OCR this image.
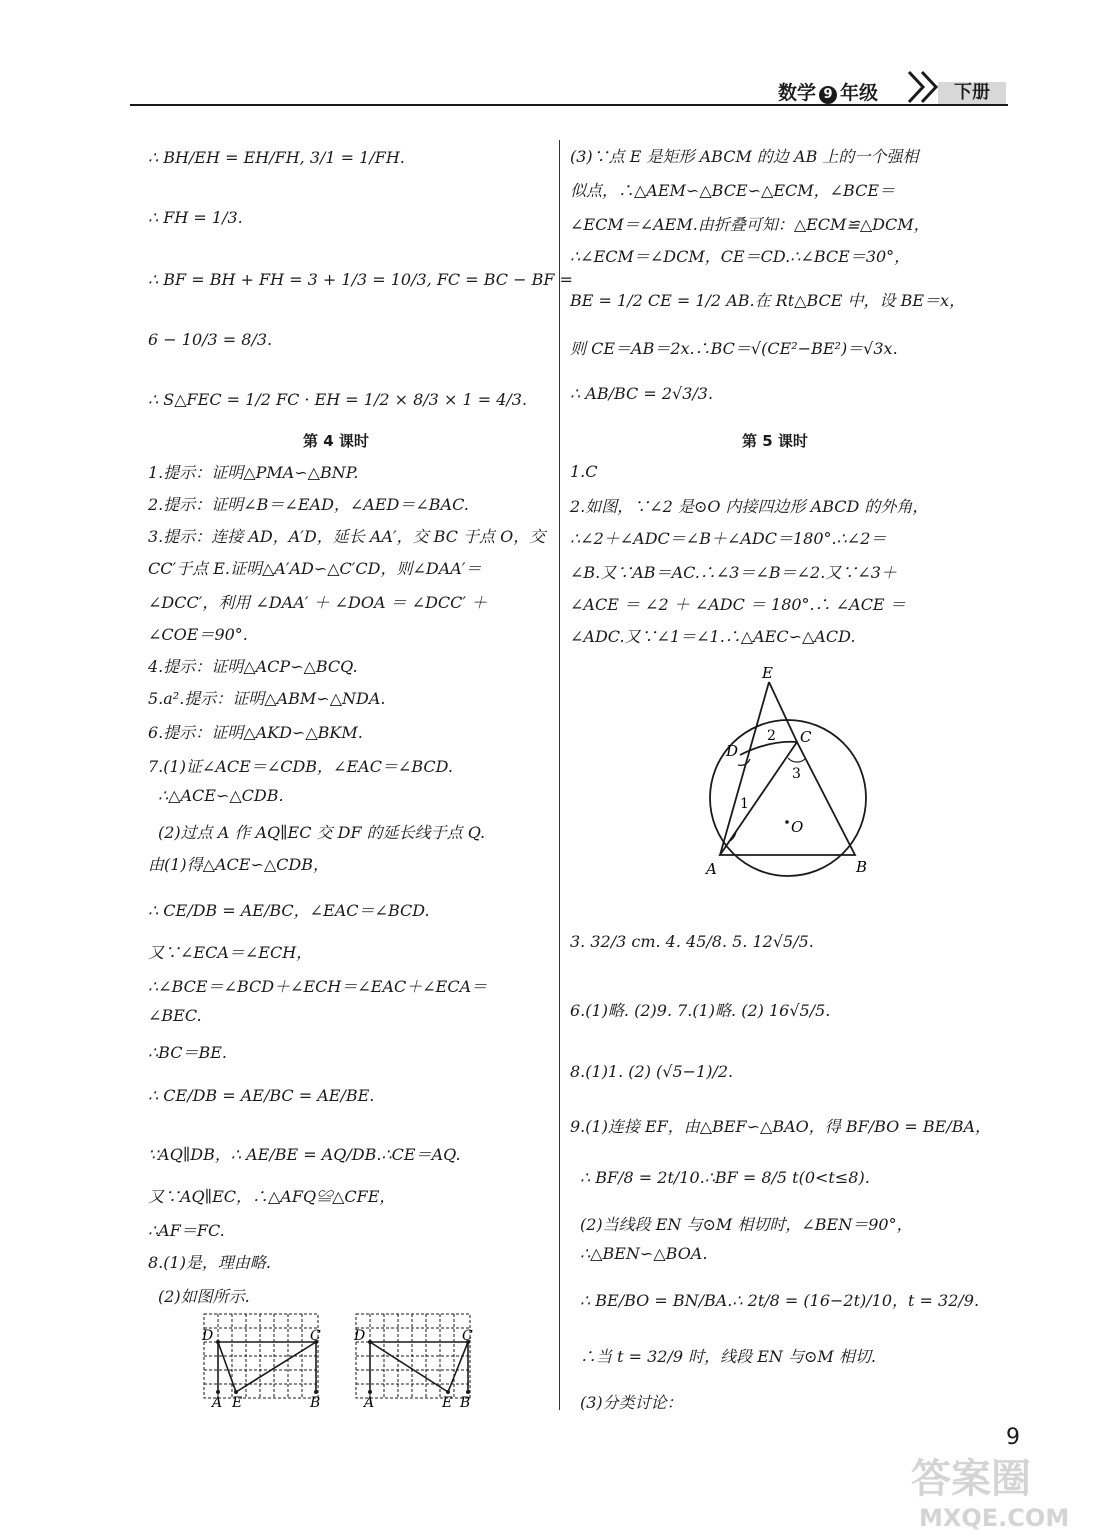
数学 9 年级	下册
∴ BH/EH = EH/FH, 3/1 = 1/FH.
∴ FH = 1/3.
∴ BF = BH + FH = 3 + 1/3 = 10/3, FC = BC − BF =
6 − 10/3 = 8/3.
∴ S△FEC = 1/2 FC · EH = 1/2 × 8/3 × 1 = 4/3.
第 4 课时
1.提示：证明△PMA∽△BNP.
2.提示：证明∠B＝∠EAD，∠AED＝∠BAC.
3.提示：连接 AD，A′D，延长 AA′，交 BC 于点 O，交
CC′于点 E.证明△A′AD∽△C′CD，则∠DAA′＝
∠DCC′，利用 ∠DAA′ ＋ ∠DOA ＝ ∠DCC′ ＋
∠COE＝90°.
4.提示：证明△ACP∽△BCQ.
5.a².提示：证明△ABM∽△NDA.
6.提示：证明△AKD∽△BKM.
7.(1)证∠ACE＝∠CDB，∠EAC＝∠BCD.
∴△ACE∽△CDB.
(2)过点 A 作 AQ∥EC 交 DF 的延长线于点 Q.
由(1)得△ACE∽△CDB，
∴ CE/DB = AE/BC，∠EAC＝∠BCD.
又∵∠ECA＝∠ECH，
∴∠BCE＝∠BCD＋∠ECH＝∠EAC＋∠ECA＝
∠BEC.
∴BC＝BE.
∴ CE/DB = AE/BC = AE/BE.
∵AQ∥DB，∴ AE/BE = AQ/DB.∴CE＝AQ.
又∵AQ∥EC，∴△AFQ≌△CFE，
∴AF＝FC.
8.(1)是，理由略.
(2)如图所示.
D	C
A E	B
D	C
A	E B
(3)∵点 E 是矩形 ABCM 的边 AB 上的一个强相
似点，∴△AEM∽△BCE∽△ECM，∠BCE＝
∠ECM＝∠AEM.由折叠可知：△ECM≌△DCM，
∴∠ECM＝∠DCM，CE＝CD.∴∠BCE＝30°，
BE = 1/2 CE = 1/2 AB.在 Rt△BCE 中，设 BE＝x，
则 CE＝AB＝2x.∴BC＝√(CE²−BE²)＝√3x.
∴ AB/BC = 2√3/3.
第 5 课时
1.C
2.如图，∵∠2 是⊙O 内接四边形 ABCD 的外角，
∴∠2＋∠ADC＝∠B＋∠ADC＝180°.∴∠2＝
∠B.又∵AB＝AC.∴∠3＝∠B＝∠2.又∵∠3＋
∠ACE ＝ ∠2 ＋ ∠ADC ＝ 180°.∴ ∠ACE ＝
∠ADC.又∵∠1＝∠1.∴△AEC∽△ACD.
3. 32/3 cm. 4. 45/8. 5. 12√5/5.
6.(1)略. (2)9. 7.(1)略. (2) 16√5/5.
8.(1)1. (2) (√5−1)/2.
9.(1)连接 EF，由△BEF∽△BAO，得 BF/BO = BE/BA，
∴ BF/8 = 2t/10.∴BF = 8/5 t(0<t≤8).
(2)当线段 EN 与⊙M 相切时，∠BEN＝90°，
∴△BEN∽△BOA.
∴ BE/BO = BN/BA.∴ 2t/8 = (16−2t)/10，t = 32/9.
∴当 t = 32/9 时，线段 EN 与⊙M 相切.
(3)分类讨论：
E
D
C
A	B
O
1
2
3
9
答案圈
MXQE.COM
